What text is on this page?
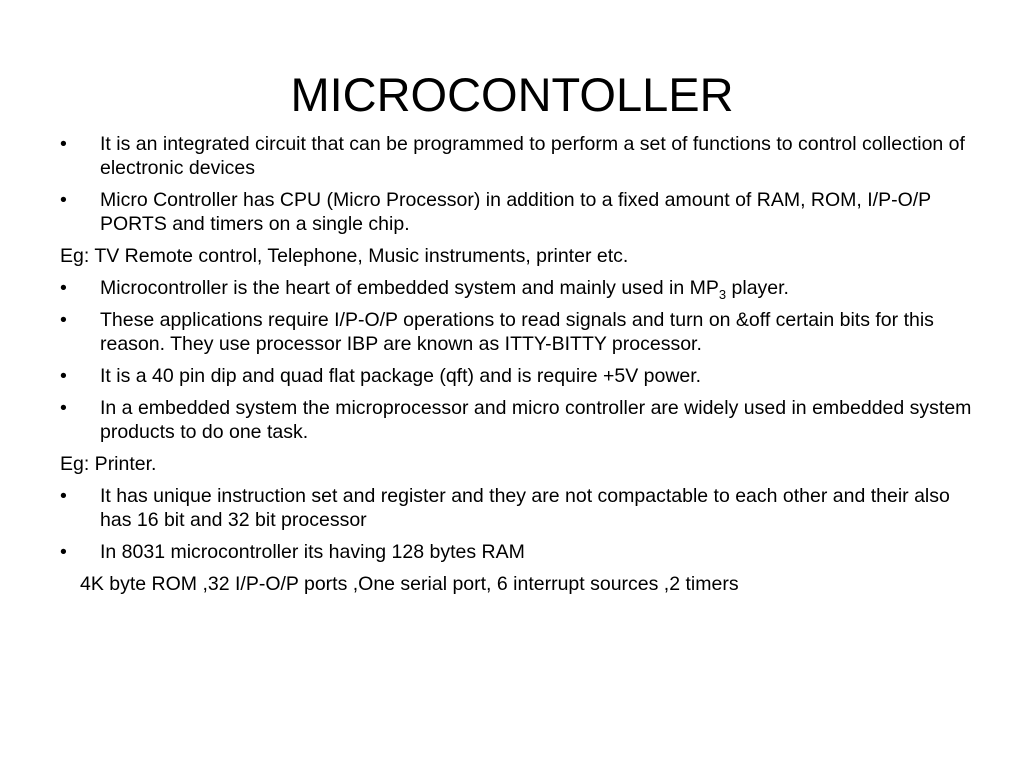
MICROCONTOLLER

• It is an integrated circuit that can be programmed to perform a set of functions to control collection of electronic devices

• Micro Controller has CPU (Micro Processor) in addition to a fixed amount of RAM, ROM, I/P-O/P PORTS and timers on a single chip.

Eg: TV Remote control, Telephone, Music instruments, printer etc.

• Microcontroller is the heart of embedded system and mainly used in $MP_3$ player.

• These applications require I/P-O/P operations to read signals and turn on &off certain bits for this reason. They use processor IBP are known as ITTY-BITTY processor.

• It is a 40 pin dip and quad flat package (qft) and is require +5V power.

• In a embedded system the microprocessor and micro controller are widely used in embedded system products to do one task.

Eg: Printer.

• It has unique instruction set and register and they are not compactable to each other and their also has 16 bit and 32 bit processor

• In 8031 microcontroller its having 128 bytes RAM

4K byte ROM ,32 I/P-O/P ports ,One serial port, 6 interrupt sources ,2 timers
